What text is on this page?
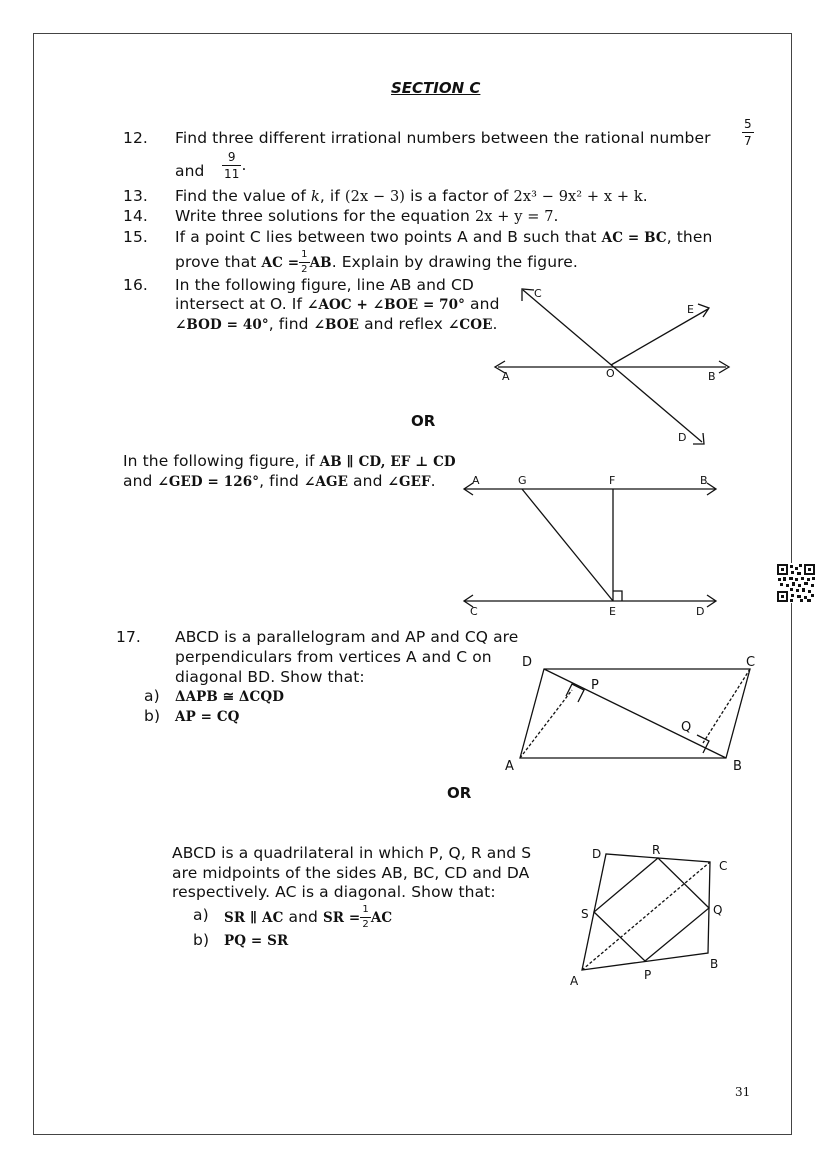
SECTION C
12. Find three different irrational numbers between the rational number	$\frac{5}{7}$
and $\frac{9}{11}$ .
13. Find the value of k, if (2x − 3) is a factor of 2x³ − 9x² + x + k.
14. Write three solutions for the equation 2x + y = 7.
15. If a point C lies between two points A and B such that AC = BC, then
prove that AC = $\frac{1}{2}$ AB. Explain by drawing the figure.
16. In the following figure, line AB and CD
intersect at O. If ∠AOC + ∠BOE = 70° and
∠BOD = 40°, find ∠BOE and reflex ∠COE.
C
E
A	O	B
D
OR
In the following figure, if AB ∥ CD, EF ⊥ CD
and ∠GED = 126°, find ∠AGE and ∠GEF.	A	G	F	B
C	E	D
17. ABCD is a parallelogram and AP and CQ are
perpendiculars from vertices A and C on
diagonal BD. Show that:
a) ΔAPB ≅ ΔCQD
b) AP = CQ
D	C
P
Q
A	B
OR
ABCD is a quadrilateral in which P, Q, R and S
are midpoints of the sides AB, BC, CD and DA
respectively. AC is a diagonal. Show that:
a) SR ∥ AC and SR = $\frac{1}{2}$ AC
b) PQ = SR
D	R
C
S	Q
B
P
A
31
